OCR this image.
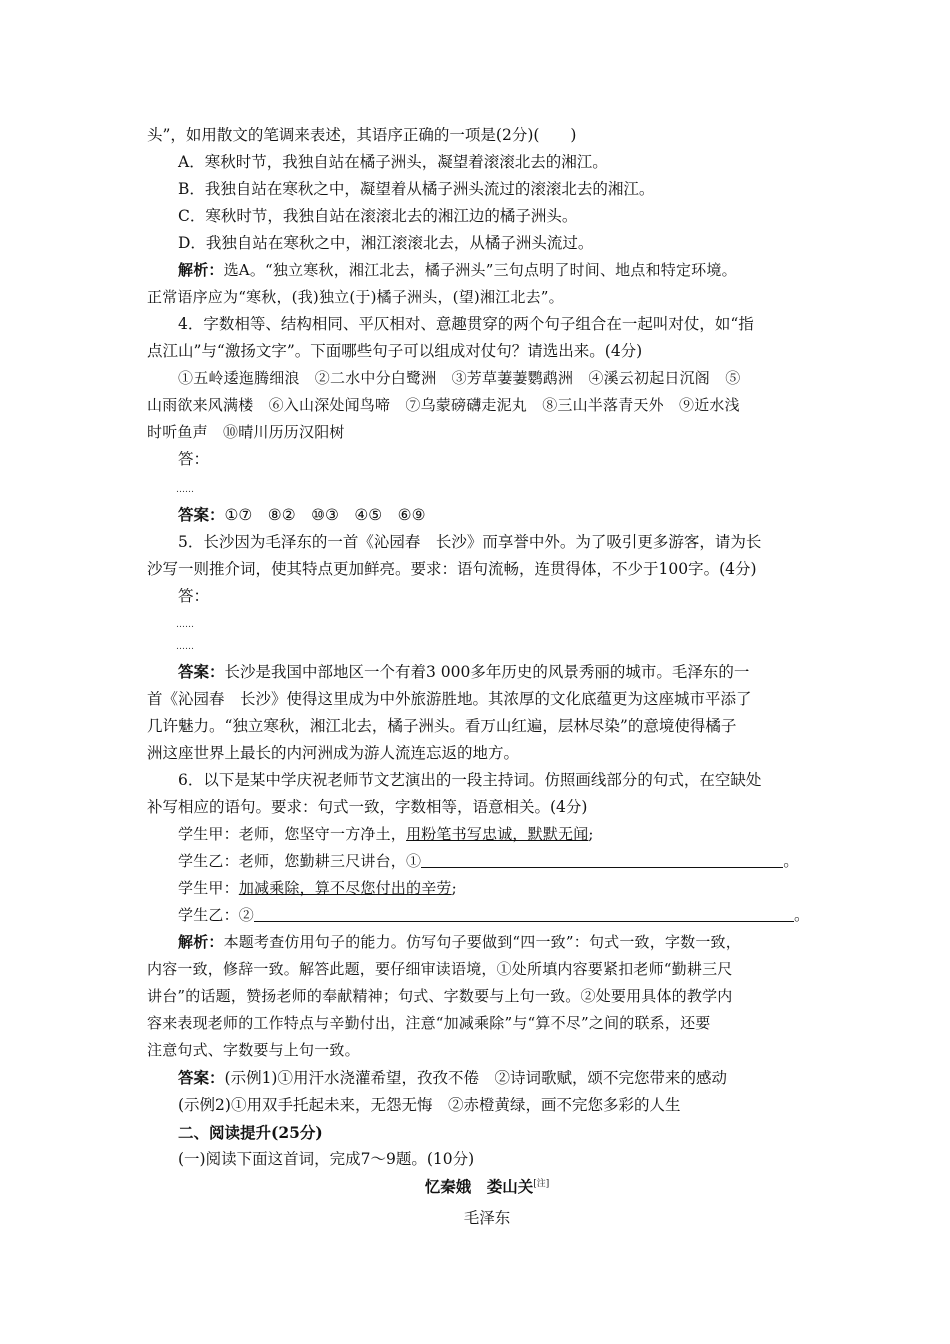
头”，如用散文的笔调来表述，其语序正确的一项是(2分)(　　)
A．寒秋时节，我独自站在橘子洲头，凝望着滚滚北去的湘江。
B．我独自站在寒秋之中，凝望着从橘子洲头流过的滚滚北去的湘江。
C．寒秋时节，我独自站在滚滚北去的湘江边的橘子洲头。
D．我独自站在寒秋之中，湘江滚滚北去，从橘子洲头流过。
解析：选A。“独立寒秋，湘江北去，橘子洲头”三句点明了时间、地点和特定环境。
正常语序应为“寒秋，(我)独立(于)橘子洲头，(望)湘江北去”。
4．字数相等、结构相同、平仄相对、意趣贯穿的两个句子组合在一起叫对仗，如“指
点江山”与“激扬文字”。下面哪些句子可以组成对仗句？请选出来。(4分)
①五岭逶迤腾细浪　②二水中分白鹭洲　③芳草萋萋鹦鹉洲　④溪云初起日沉阁　⑤
山雨欲来风满楼　⑥入山深处闻鸟啼　⑦乌蒙磅礴走泥丸　⑧三山半落青天外　⑨近水浅
时听鱼声　⑩晴川历历汉阳树
答：
……
答案：①⑦　⑧②　⑩③　④⑤　⑥⑨
5．长沙因为毛泽东的一首《沁园春　长沙》而享誉中外。为了吸引更多游客，请为长
沙写一则推介词，使其特点更加鲜亮。要求：语句流畅，连贯得体，不少于100字。(4分)
答：
……
……
答案：长沙是我国中部地区一个有着3 000多年历史的风景秀丽的城市。毛泽东的一
首《沁园春　长沙》使得这里成为中外旅游胜地。其浓厚的文化底蕴更为这座城市平添了
几许魅力。“独立寒秋，湘江北去，橘子洲头。看万山红遍，层林尽染”的意境使得橘子
洲这座世界上最长的内河洲成为游人流连忘返的地方。
6．以下是某中学庆祝老师节文艺演出的一段主持词。仿照画线部分的句式，在空缺处
补写相应的语句。要求：句式一致，字数相等，语意相关。(4分)
学生甲：老师，您坚守一方净土，用粉笔书写忠诚，默默无闻;
学生乙：老师，您勤耕三尺讲台，①	。
学生甲：加减乘除，算不尽您付出的辛劳;
学生乙：②	。
解析：本题考查仿用句子的能力。仿写句子要做到“四一致”：句式一致，字数一致，
内容一致，修辞一致。解答此题，要仔细审读语境，①处所填内容要紧扣老师“勤耕三尺
讲台”的话题，赞扬老师的奉献精神；句式、字数要与上句一致。②处要用具体的教学内
容来表现老师的工作特点与辛勤付出，注意“加减乘除”与“算不尽”之间的联系，还要
注意句式、字数要与上句一致。
答案：(示例1)①用汗水浇灌希望，孜孜不倦　②诗词歌赋，颂不完您带来的感动
(示例2)①用双手托起未来，无怨无悔　②赤橙黄绿，画不完您多彩的人生
二、阅读提升(25分)
(一)阅读下面这首词，完成7～9题。(10分)
忆秦娥　娄山关[注]
毛泽东
